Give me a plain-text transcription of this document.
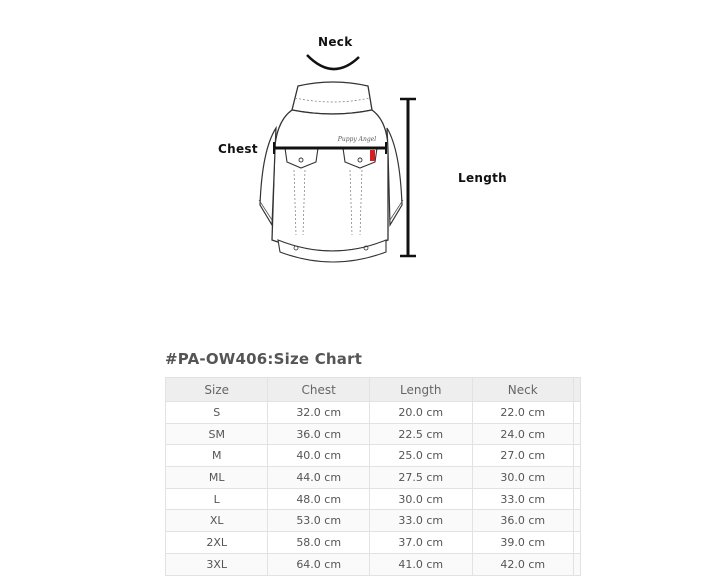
Puppy Angel
Neck
Chest
Length
#PA-OW406:Size Chart
Size	Chest	Length	Neck	
S	32.0 cm	20.0 cm	22.0 cm	
SM	36.0 cm	22.5 cm	24.0 cm	
M	40.0 cm	25.0 cm	27.0 cm	
ML	44.0 cm	27.5 cm	30.0 cm	
L	48.0 cm	30.0 cm	33.0 cm	
XL	53.0 cm	33.0 cm	36.0 cm	
2XL	58.0 cm	37.0 cm	39.0 cm	
3XL	64.0 cm	41.0 cm	42.0 cm	
